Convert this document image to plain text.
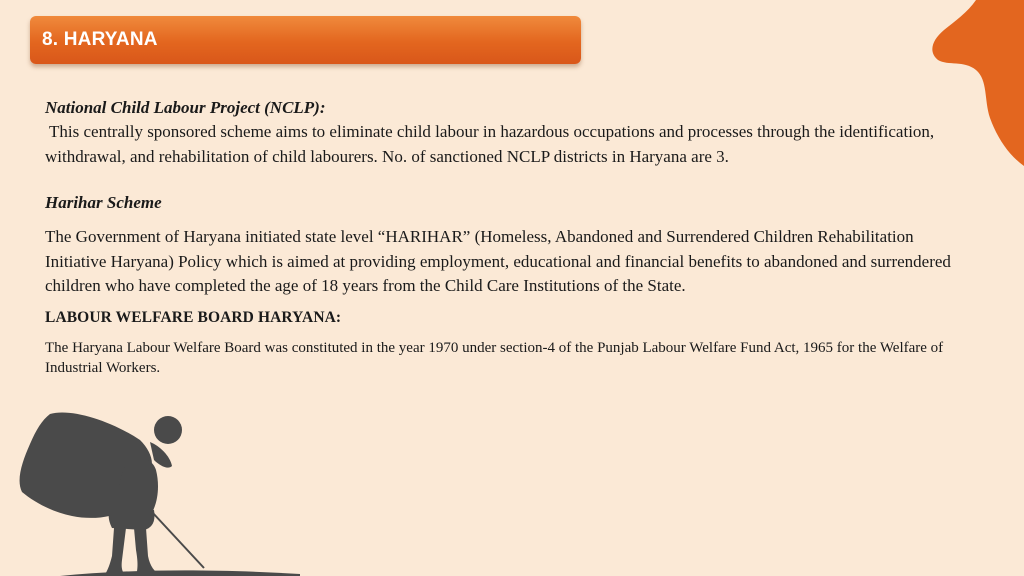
8. HARYANA
National Child Labour Project (NCLP):
This centrally sponsored scheme aims to eliminate child labour in hazardous occupations and processes through the identification, withdrawal, and rehabilitation of child labourers. No. of sanctioned NCLP districts in Haryana are 3.
Harihar Scheme
The Government of Haryana initiated state level “HARIHAR” (Homeless, Abandoned and Surrendered Children Rehabilitation Initiative Haryana) Policy which is aimed at providing employment, educational and financial benefits to abandoned and surrendered children who have completed the age of 18 years from the Child Care Institutions of the State.
LABOUR WELFARE BOARD HARYANA:
The Haryana Labour Welfare Board was constituted in the year 1970 under section-4 of the Punjab Labour Welfare Fund Act, 1965 for the Welfare of Industrial Workers.
